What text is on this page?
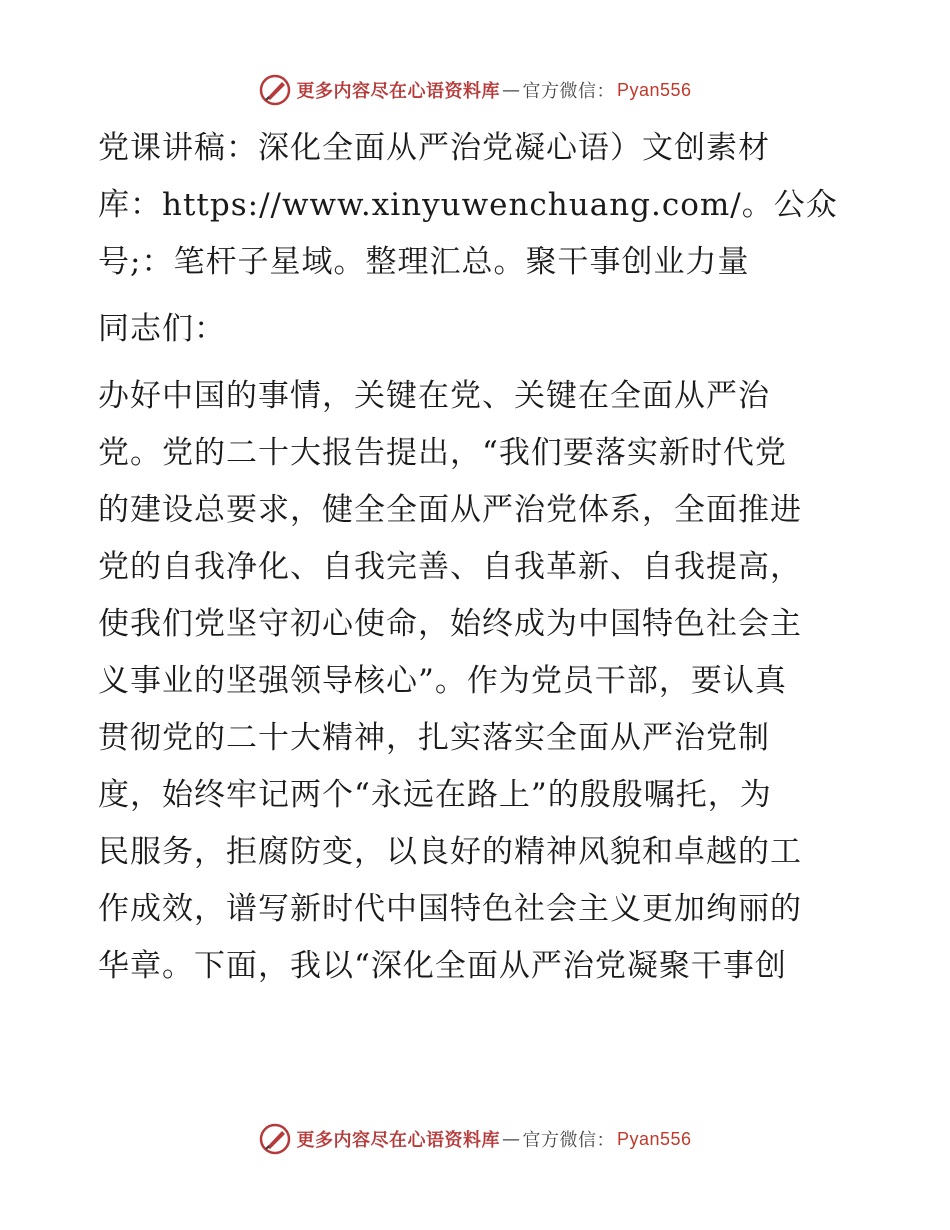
更多内容尽在心语资料库 — 官方微信： Pyan556
党课讲稿：深化全面从严治党凝心语）文创素材
库：https://www.xinyuwenchuang.com/。公众
号;：笔杆子星域。整理汇总。聚干事创业力量
同志们：
办好中国的事情，关键在党、关键在全面从严治
党。党的二十大报告提出，“我们要落实新时代党
的建设总要求，健全全面从严治党体系，全面推进
党的自我净化、自我完善、自我革新、自我提高，
使我们党坚守初心使命，始终成为中国特色社会主
义事业的坚强领导核心”。作为党员干部，要认真
贯彻党的二十大精神，扎实落实全面从严治党制
度，始终牢记两个“永远在路上”的殷殷嘱托，为
民服务，拒腐防变，以良好的精神风貌和卓越的工
作成效，谱写新时代中国特色社会主义更加绚丽的
华章。下面，我以“深化全面从严治党凝聚干事创
更多内容尽在心语资料库 — 官方微信： Pyan556
